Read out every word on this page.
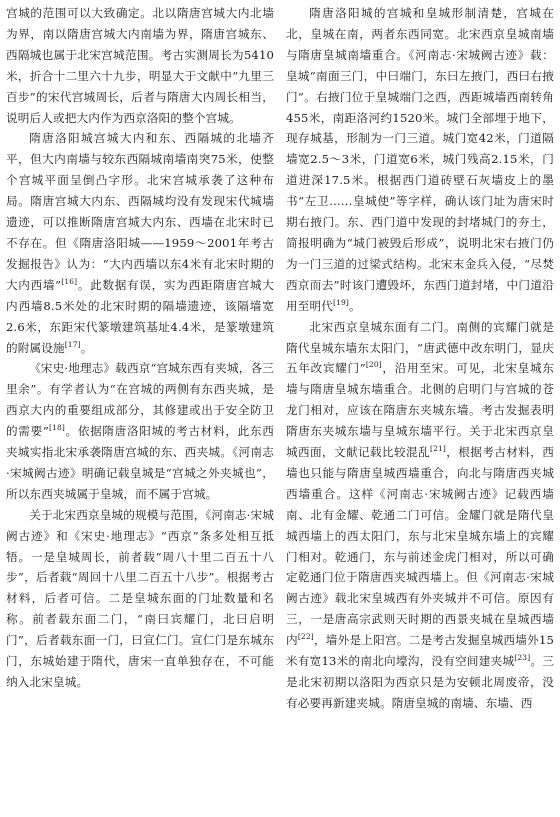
宫城的范围可以大致确定。北以隋唐宫城大内北墙为界，南以隋唐宫城大内南墙为界，隋唐宫城东、西隔城也属于北宋宫城范围。考古实测周长为5410米，折合十二里六十九步，明显大于文献中“九里三百步”的宋代宫城周长，后者与隋唐大内周长相当，说明后人或把大内作为西京洛阳的整个宫城。

隋唐洛阳城宫城大内和东、西隔城的北墙齐平，但大内南墙与较东西隔城南墙南突75米，使整个宫城平面呈倒凸字形。北宋宫城承袭了这种布局。隋唐宫城大内东、西隔城均没有发现宋代城墙遗迹，可以推断隋唐宫城大内东、西墙在北宋时已不存在。但《隋唐洛阳城——1959～2001年考古发掘报告》认为：“大内西墙以东4米有北宋时期的大内西墙”[16]。此数据有误，实为西距隋唐宫城大内西墙8.5米处的北宋时期的隔墙遗迹，该隔墙宽2.6米，东距宋代篆墩建筑基址4.4米，是篆墩建筑的附属设施[17]。

《宋史·地理志》载西京“宫城东西有夹城，各三里余”。有学者认为“在宫城的两侧有东西夹城，是西京大内的重要组成部分，其修建或出于安全防卫的需要”[18]。依据隋唐洛阳城的考古材料，此东西夹城实指北宋承袭隋唐宫城的东、西夹城。《河南志·宋城阙古迹》明确记载皇城是“宫城之外夹城也”，所以东西夹城属于皇城，而不属于宫城。

关于北宋西京皇城的规模与范围，《河南志·宋城阙古迹》和《宋史·地理志》“西京”条多处相互抵牾。一是皇城周长，前者载“周八十里二百五十八步”，后者载“周回十八里二百五十八步”。根据考古材料，后者可信。二是皇城东面的门址数量和名称。前者载东面二门，“南曰宾耀门，北曰启明门”，后者载东面一门，曰宣仁门。宣仁门是东城东门，东城始建于隋代，唐宋一直单独存在，不可能纳入北宋皇城。

隋唐洛阳城的宫城和皇城形制清楚，宫城在北，皇城在南，两者东西同宽。北宋西京皇城南墙与隋唐皇城南墙重合。《河南志·宋城阙古迹》载：皇城“南面三门，中曰端门，东曰左掖门，西曰右掖门”。右掖门位于皇城端门之西，西距城墙西南转角455米，南距洛河约1520米。城门全部埋于地下，现存城基，形制为一门三道。城门宽42米，门道隔墙宽2.5～3米，门道宽6米，城门残高2.15米，门道进深17.5米。根据西门道砖壁石灰墙皮上的墨书“左卫……皇城使”等字样，确认该门址为唐宋时期右掖门。东、西门道中发现的封堵城门的夯土，简报明确为“城门被毁后形成”，说明北宋右掖门仍为一门三道的过梁式结构。北宋末金兵入侵，“尽焚西京而去”时该门遭毁坏，东西门道封堵，中门道沿用至明代[19]。

北宋西京皇城东面有二门。南侧的宾耀门就是隋代皇城东墙东太阳门，“唐武德中改东明门，显庆五年改宾耀门”[20]，沿用至宋。可见，北宋皇城东墙与隋唐皇城东墙重合。北侧的启明门与宫城的苍龙门相对，应该在隋唐东夹城东墙。考古发掘表明隋唐东夹城东墙与皇城东墙平行。关于北宋西京皇城西面，文献记载比较混乱[21]，根据考古材料，西墙也只能与隋唐皇城西墙重合，向北与隋唐西夹城西墙重合。这样《河南志·宋城阙古迹》记载西墙南、北有金耀、乾通二门可信。金耀门就是隋代皇城西墙上的西太阳门，东与北宋皇城东墙上的宾耀门相对。乾通门，东与前述金虎门相对，所以可确定乾通门位于隋唐西夹城西墙上。但《河南志·宋城阙古迹》载北宋皇城西有外夹城并不可信。原因有三，一是唐高宗武则天时期的西景夹城在皇城西墙内[22]，墙外是上阳宫。二是考古发掘皇城西墙外15米有宽13米的南北向壕沟，没有空间建夹城[23]。三是北宋初期以洛阳为西京只是为安顿北周废帝，没有必要再新建夹城。隋唐皇城的南墙、东墙、西
